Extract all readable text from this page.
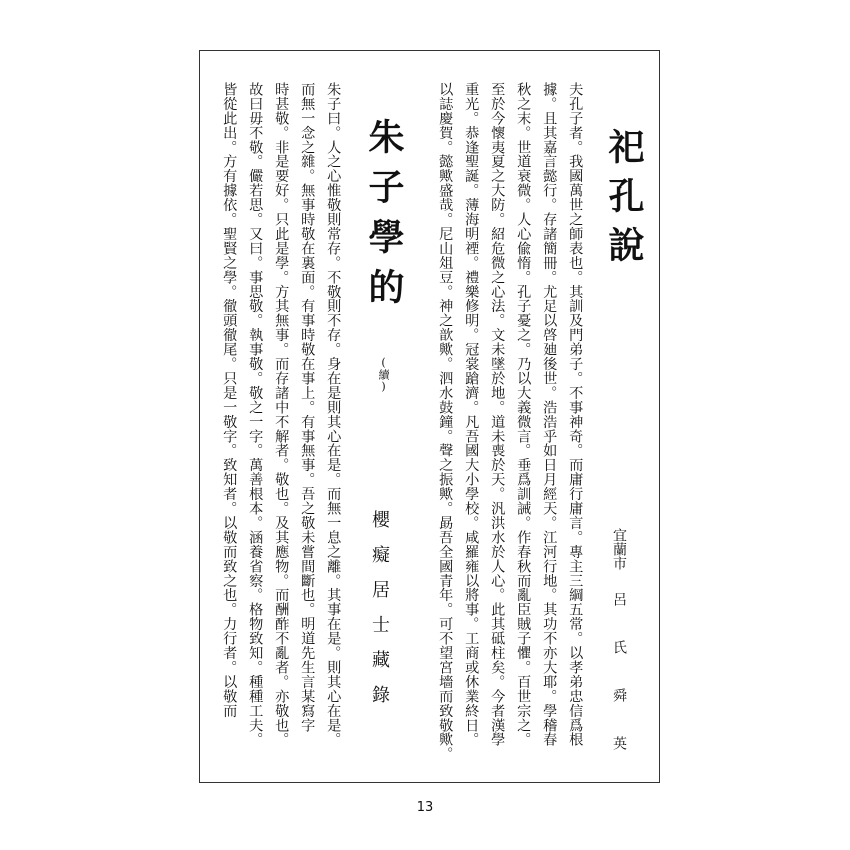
祀孔說
宜蘭市
呂 氏 舜 英
夫孔子者。我國萬世之師表也。其訓及門弟子。不事神奇。而庸行庸言。專主三綱五常。以孝弟忠信爲根
據。且其嘉言懿行。存諸簡冊。尤足以啓廸後世。浩浩乎如日月經天。江河行地。其功不亦大耶。學稽春
秋之末。世道衰微。人心偸惰。孔子憂之。乃以大義微言。垂爲訓誡。作春秋而亂臣賊子懼。百世宗之。
至於今懷夷夏之大防。紹危微之心法。文未墜於地。道未喪於天。汎洪水於人心。此其砥柱矣。今者漢學
重光。恭逢聖誕。薄海明禋。禮樂修明。冠裳蹌濟。凡吾國大小學校。咸羅雍以將事。工商或休業終日。
以誌慶賀。懿歟盛哉。尼山俎豆。神之歆歟。泗水鼓鐘。聲之振歟。勗吾全國青年。可不望宮墻而致敬歟。
朱子學的
(續)
櫻癡居士藏錄
朱子曰。人之心惟敬則常存。不敬則不存。身在是則其心在是。而無一息之離。其事在是。則其心在是。
而無一念之雜。無事時敬在裏面。有事時敬在事上。有事無事。吾之敬未嘗間斷也。明道先生言某寫字
時甚敬。非是要好。只此是學。方其無事。而存諸中不解者。敬也。及其應物。而酬酢不亂者。亦敬也。
故曰毋不敬。儼若思。又曰。事思敬。執事敬。敬之一字。萬善根本。涵養省察。格物致知。種種工夫。
皆從此出。方有據依。聖賢之學。徹頭徹尾。只是一敬字。致知者。以敬而致之也。力行者。以敬而
13
